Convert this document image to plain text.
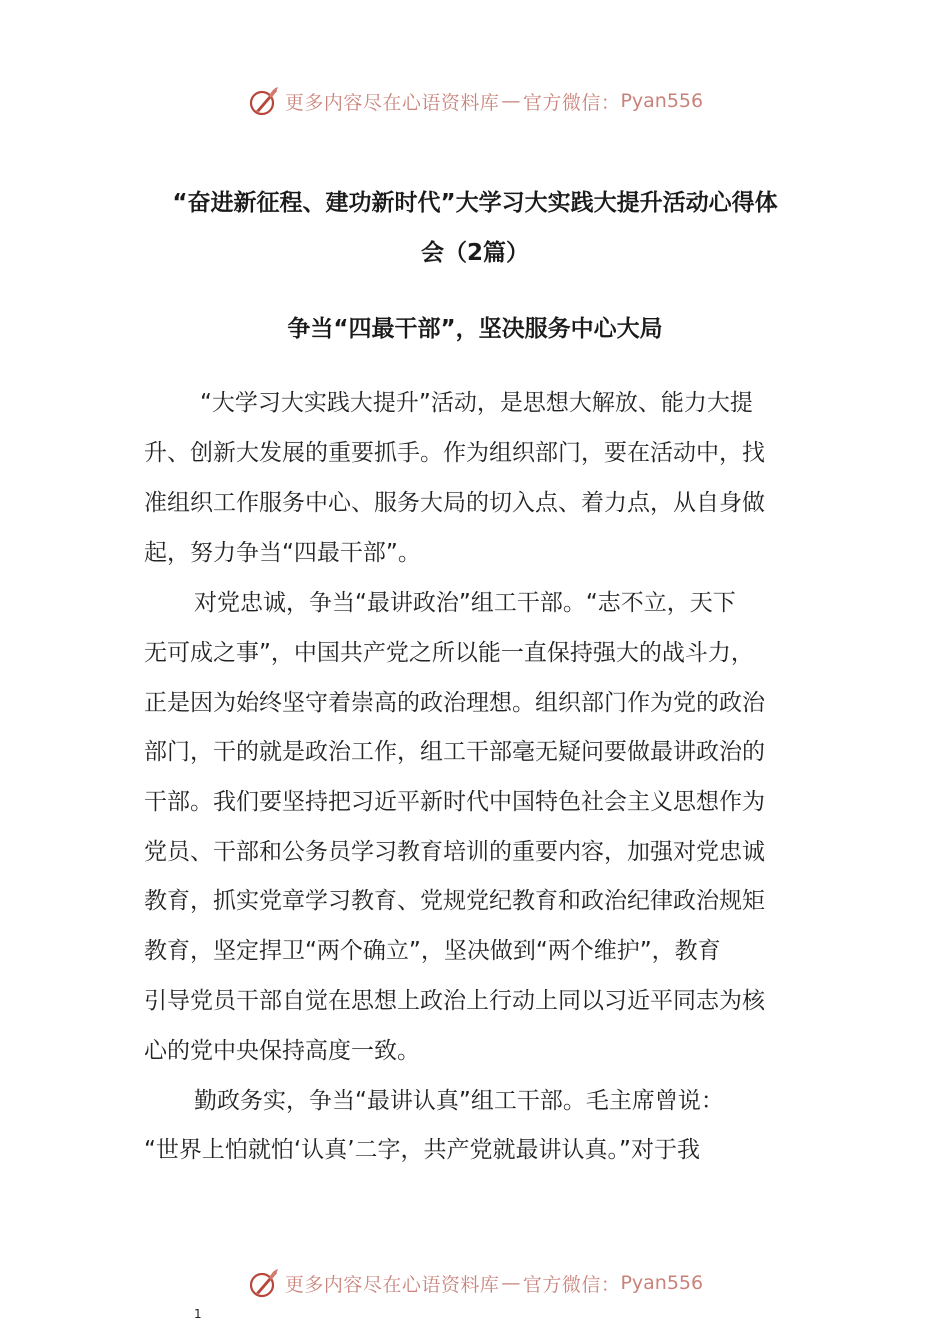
更多内容尽在心语资料库 — 官方微信： Pyan556
“奋进新征程、建功新时代”大学习大实践大提升活动心得体
会（2篇）
争当“四最干部”，坚决服务中心大局
“大学习大实践大提升”活动，是思想大解放、能力大提
升、创新大发展的重要抓手。作为组织部门，要在活动中，找
准组织工作服务中心、服务大局的切入点、着力点，从自身做
起，努力争当“四最干部”。
对党忠诚，争当“最讲政治”组工干部。“志不立，天下
无可成之事”，中国共产党之所以能一直保持强大的战斗力，
正是因为始终坚守着崇高的政治理想。组织部门作为党的政治
部门，干的就是政治工作，组工干部毫无疑问要做最讲政治的
干部。我们要坚持把习近平新时代中国特色社会主义思想作为
党员、干部和公务员学习教育培训的重要内容，加强对党忠诚
教育，抓实党章学习教育、党规党纪教育和政治纪律政治规矩
教育，坚定捍卫“两个确立”，坚决做到“两个维护”，教育
引导党员干部自觉在思想上政治上行动上同以习近平同志为核
心的党中央保持高度一致。
勤政务实，争当“最讲认真”组工干部。毛主席曾说：
“世界上怕就怕‘认真’二字，共产党就最讲认真。”对于我
更多内容尽在心语资料库 — 官方微信： Pyan556
1
